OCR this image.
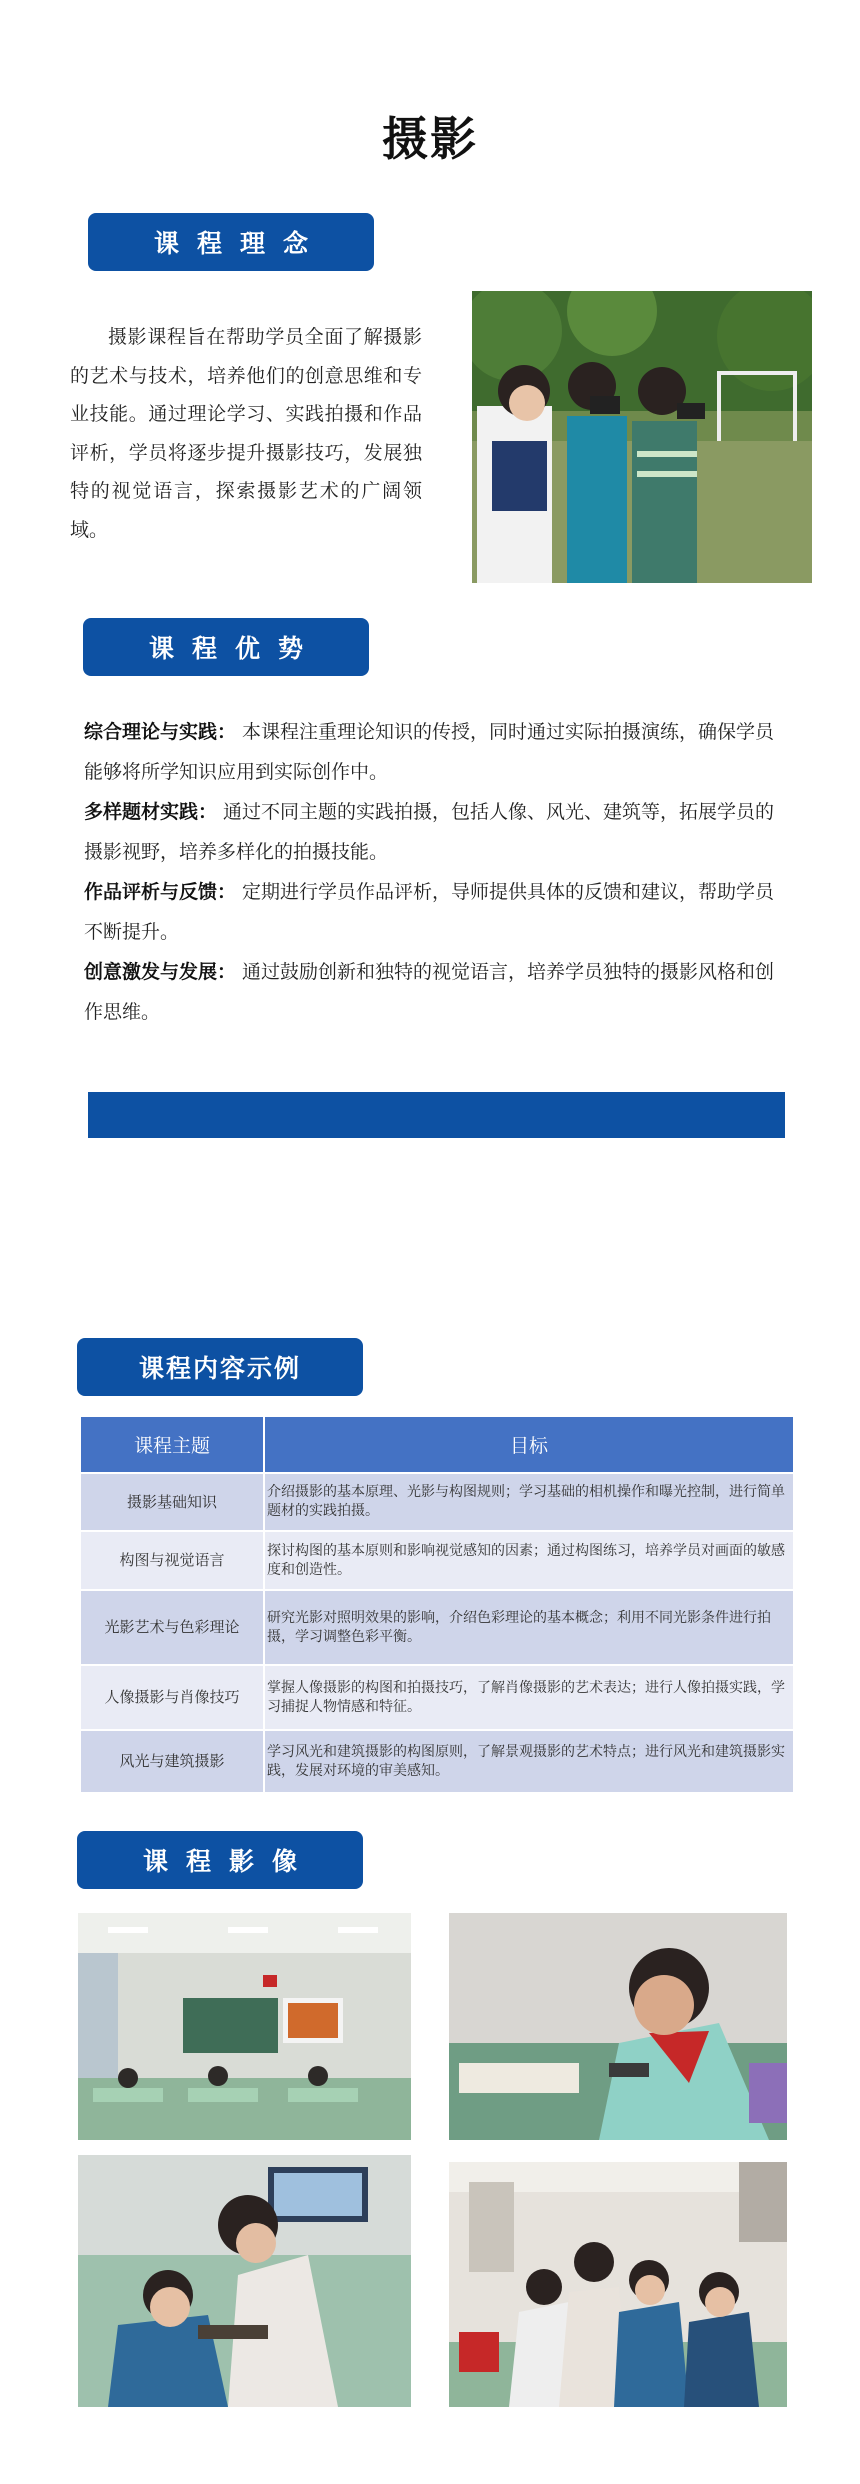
摄影
课程理念

摄影课程旨在帮助学员全面了解摄影的艺术与技术，培养他们的创意思维和专业技能。通过理论学习、实践拍摄和作品评析，学员将逐步提升摄影技巧，发展独特的视觉语言，探索摄影艺术的广阔领域。

课程优势

综合理论与实践： 本课程注重理论知识的传授，同时通过实际拍摄演练，确保学员能够将所学知识应用到实际创作中。

多样题材实践： 通过不同主题的实践拍摄，包括人像、风光、建筑等，拓展学员的摄影视野，培养多样化的拍摄技能。

作品评析与反馈： 定期进行学员作品评析，导师提供具体的反馈和建议，帮助学员不断提升。

创意激发与发展： 通过鼓励创新和独特的视觉语言，培养学员独特的摄影风格和创作思维。

课程内容示例
课程主题	目标
摄影基础知识	介绍摄影的基本原理、光影与构图规则；学习基础的相机操作和曝光控制，进行简单题材的实践拍摄。
构图与视觉语言	探讨构图的基本原则和影响视觉感知的因素；通过构图练习，培养学员对画面的敏感度和创造性。
光影艺术与色彩理论	研究光影对照明效果的影响，介绍色彩理论的基本概念；利用不同光影条件进行拍摄，学习调整色彩平衡。
人像摄影与肖像技巧	掌握人像摄影的构图和拍摄技巧，了解肖像摄影的艺术表达；进行人像拍摄实践，学习捕捉人物情感和特征。
风光与建筑摄影	学习风光和建筑摄影的构图原则，了解景观摄影的艺术特点；进行风光和建筑摄影实践，发展对环境的审美感知。
课程影像
